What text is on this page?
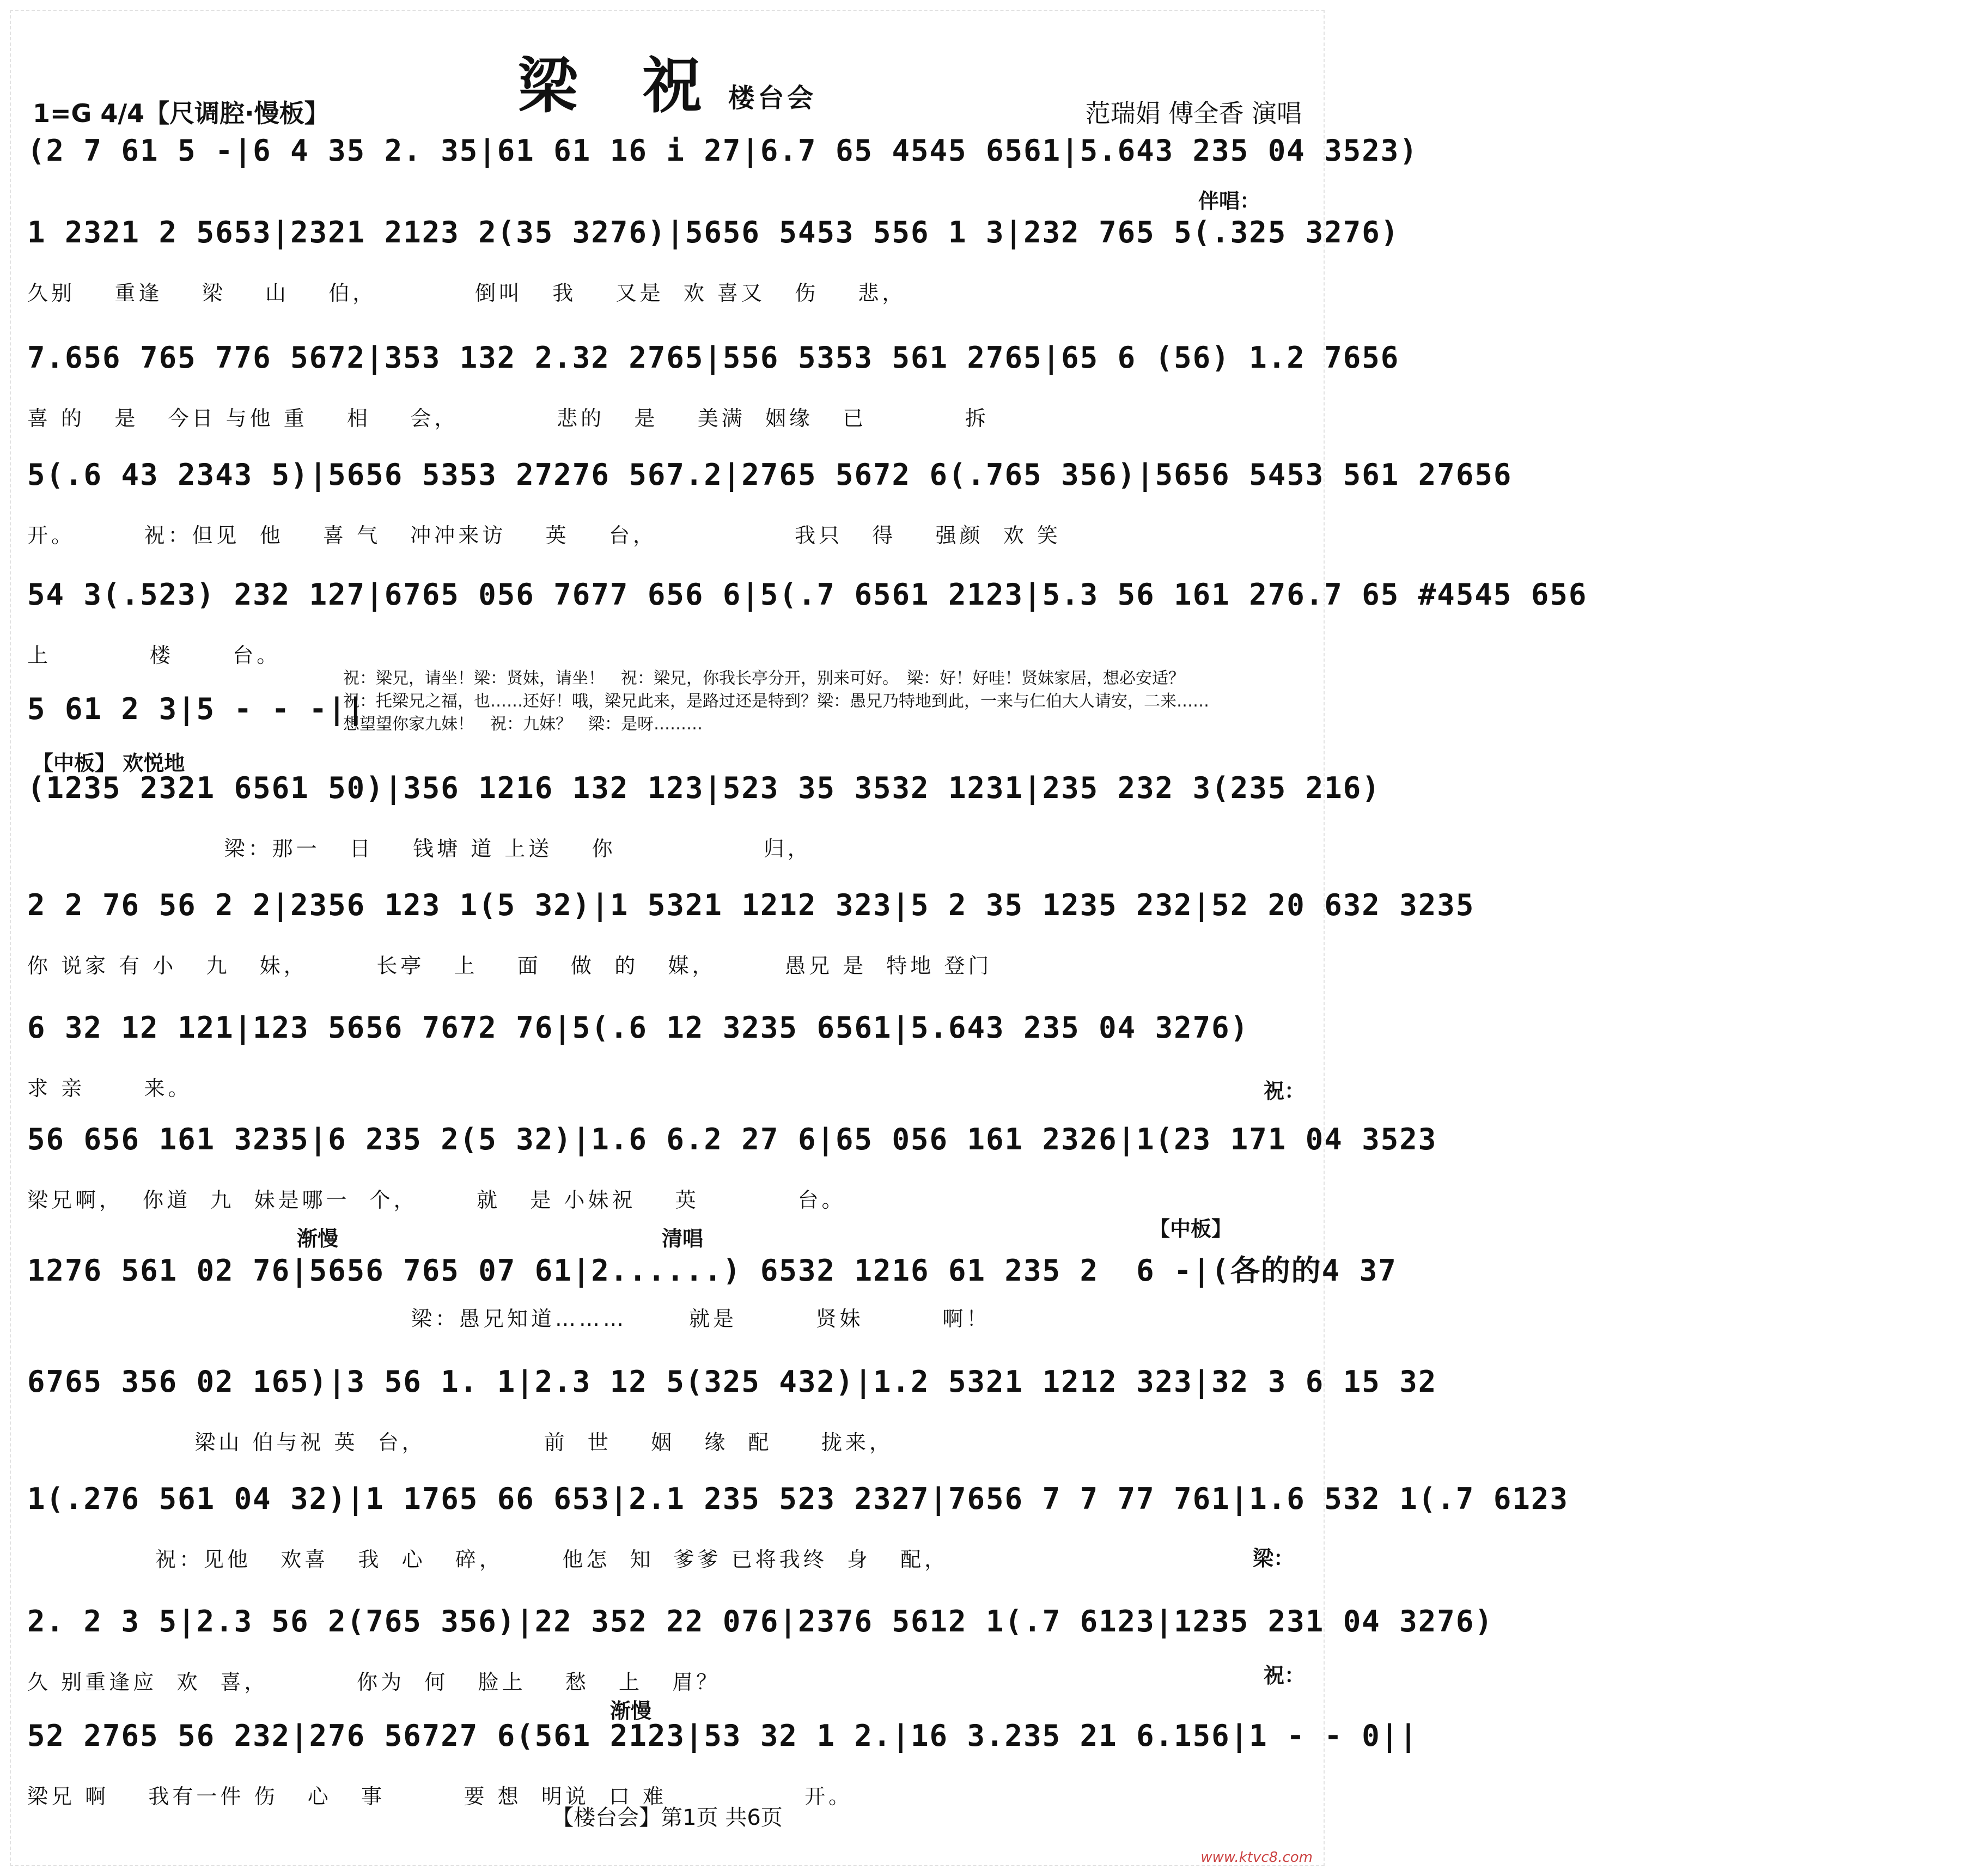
梁 祝 楼台会
1=G 4/4【尺调腔·慢板】	范瑞娟 傅全香 演唱
(2 7 61 5 -|6 4 35 2. 35|61 61 16 i 27|6.7 65 4545 6561|5.643 235 04 3523)
伴唱：
1 2321 2 5653|2321 2123 2(35 3276)|5656 5453 556 1 3|232 765 5(.325 3276)
久别    重逢    梁    山    伯，          倒叫   我    又是  欢 喜又   伤    悲，
7.656 765 776 5672|353 132 2.32 2765|556 5353 561 2765|65 6 (56) 1.2 7656
喜 的   是   今日 与他 重    相    会，          悲的   是    美满  姻缘   已          拆
5(.6 43 2343 5)|5656 5353 27276 567.2|2765 5672 6(.765 356)|5656 5453 561 27656
开。       祝：但见  他    喜 气   冲冲来访    英    台，              我只   得    强颜  欢 笑
54 3(.523) 232 127|6765 056 7677 656 6|5(.7 6561 2123|5.3 56 161 276.7 65 #4545 656
上          楼      台。
5 61 2 3|5 - - -||
祝：梁兄，请坐！梁：贤妹，请坐！　祝：梁兄，你我长亭分开，别来可好。　梁：好！好哇！贤妹家居，想必安适？
祝：托梁兄之福，也……还好！哦，梁兄此来，是路过还是特到？梁：愚兄乃特地到此，一来与仁伯大人请安，二来……
想望望你家九妹！　祝：九妹？　梁：是呀………
【中板】 欢悦地
(1235 2321 6561 50)|356 1216 132 123|523 35 3532 1231|235 232 3(235 216)
梁：那一   日    钱塘 道 上送    你               归，
2 2 76 56 2 2|2356 123 1(5 32)|1 5321 1212 323|5 2 35 1235 232|52 20 632 3235
你 说家 有 小   九   妹，       长亭   上    面   做  的   媒，       愚兄 是  特地 登门
6 32 12 121|123 5656 7672 76|5(.6 12 3235 6561|5.643 235 04 3276)
求 亲      来。	祝：
56 656 161 3235|6 235 2(5 32)|1.6 6.2 27 6|65 056 161 2326|1(23 171 04 3523
梁兄啊，  你道  九  妹是哪一  个，      就   是 小妹祝    英          台。
渐慢	清唱	【中板】
1276 561 02 76|5656 765 07 61|2......) 6532 1216 61 235 2  6 -|(各的的4 37
梁：愚兄知道………	就是        贤妹        啊！
6765 356 02 165)|3 56 1. 1|2.3 12 5(325 432)|1.2 5321 1212 323|32 3 6 15 32
梁山 伯与祝 英  台，            前  世    姻   缘  配     拢来，
1(.276 561 04 32)|1 1765 66 653|2.1 235 523 2327|7656 7 7 77 761|1.6 532 1(.7 6123
祝：见他   欢喜   我  心   碎，      他怎  知  爹爹 已将我终  身   配，	梁：
2. 2 3 5|2.3 56 2(765 356)|22 352 22 076|2376 5612 1(.7 6123|1235 231 04 3276)
久 别重逢应  欢  喜，         你为  何   脸上    愁   上   眉？	祝：
渐慢
52 2765 56 232|276 56727 6(561 2123|53 32 1 2.|16 3.235 21 6.156|1 - - 0||
梁兄 啊    我有一件 伤   心   事        要 想  明说  口 难              开。
【楼台会】第1页 共6页
www.ktvc8.com
